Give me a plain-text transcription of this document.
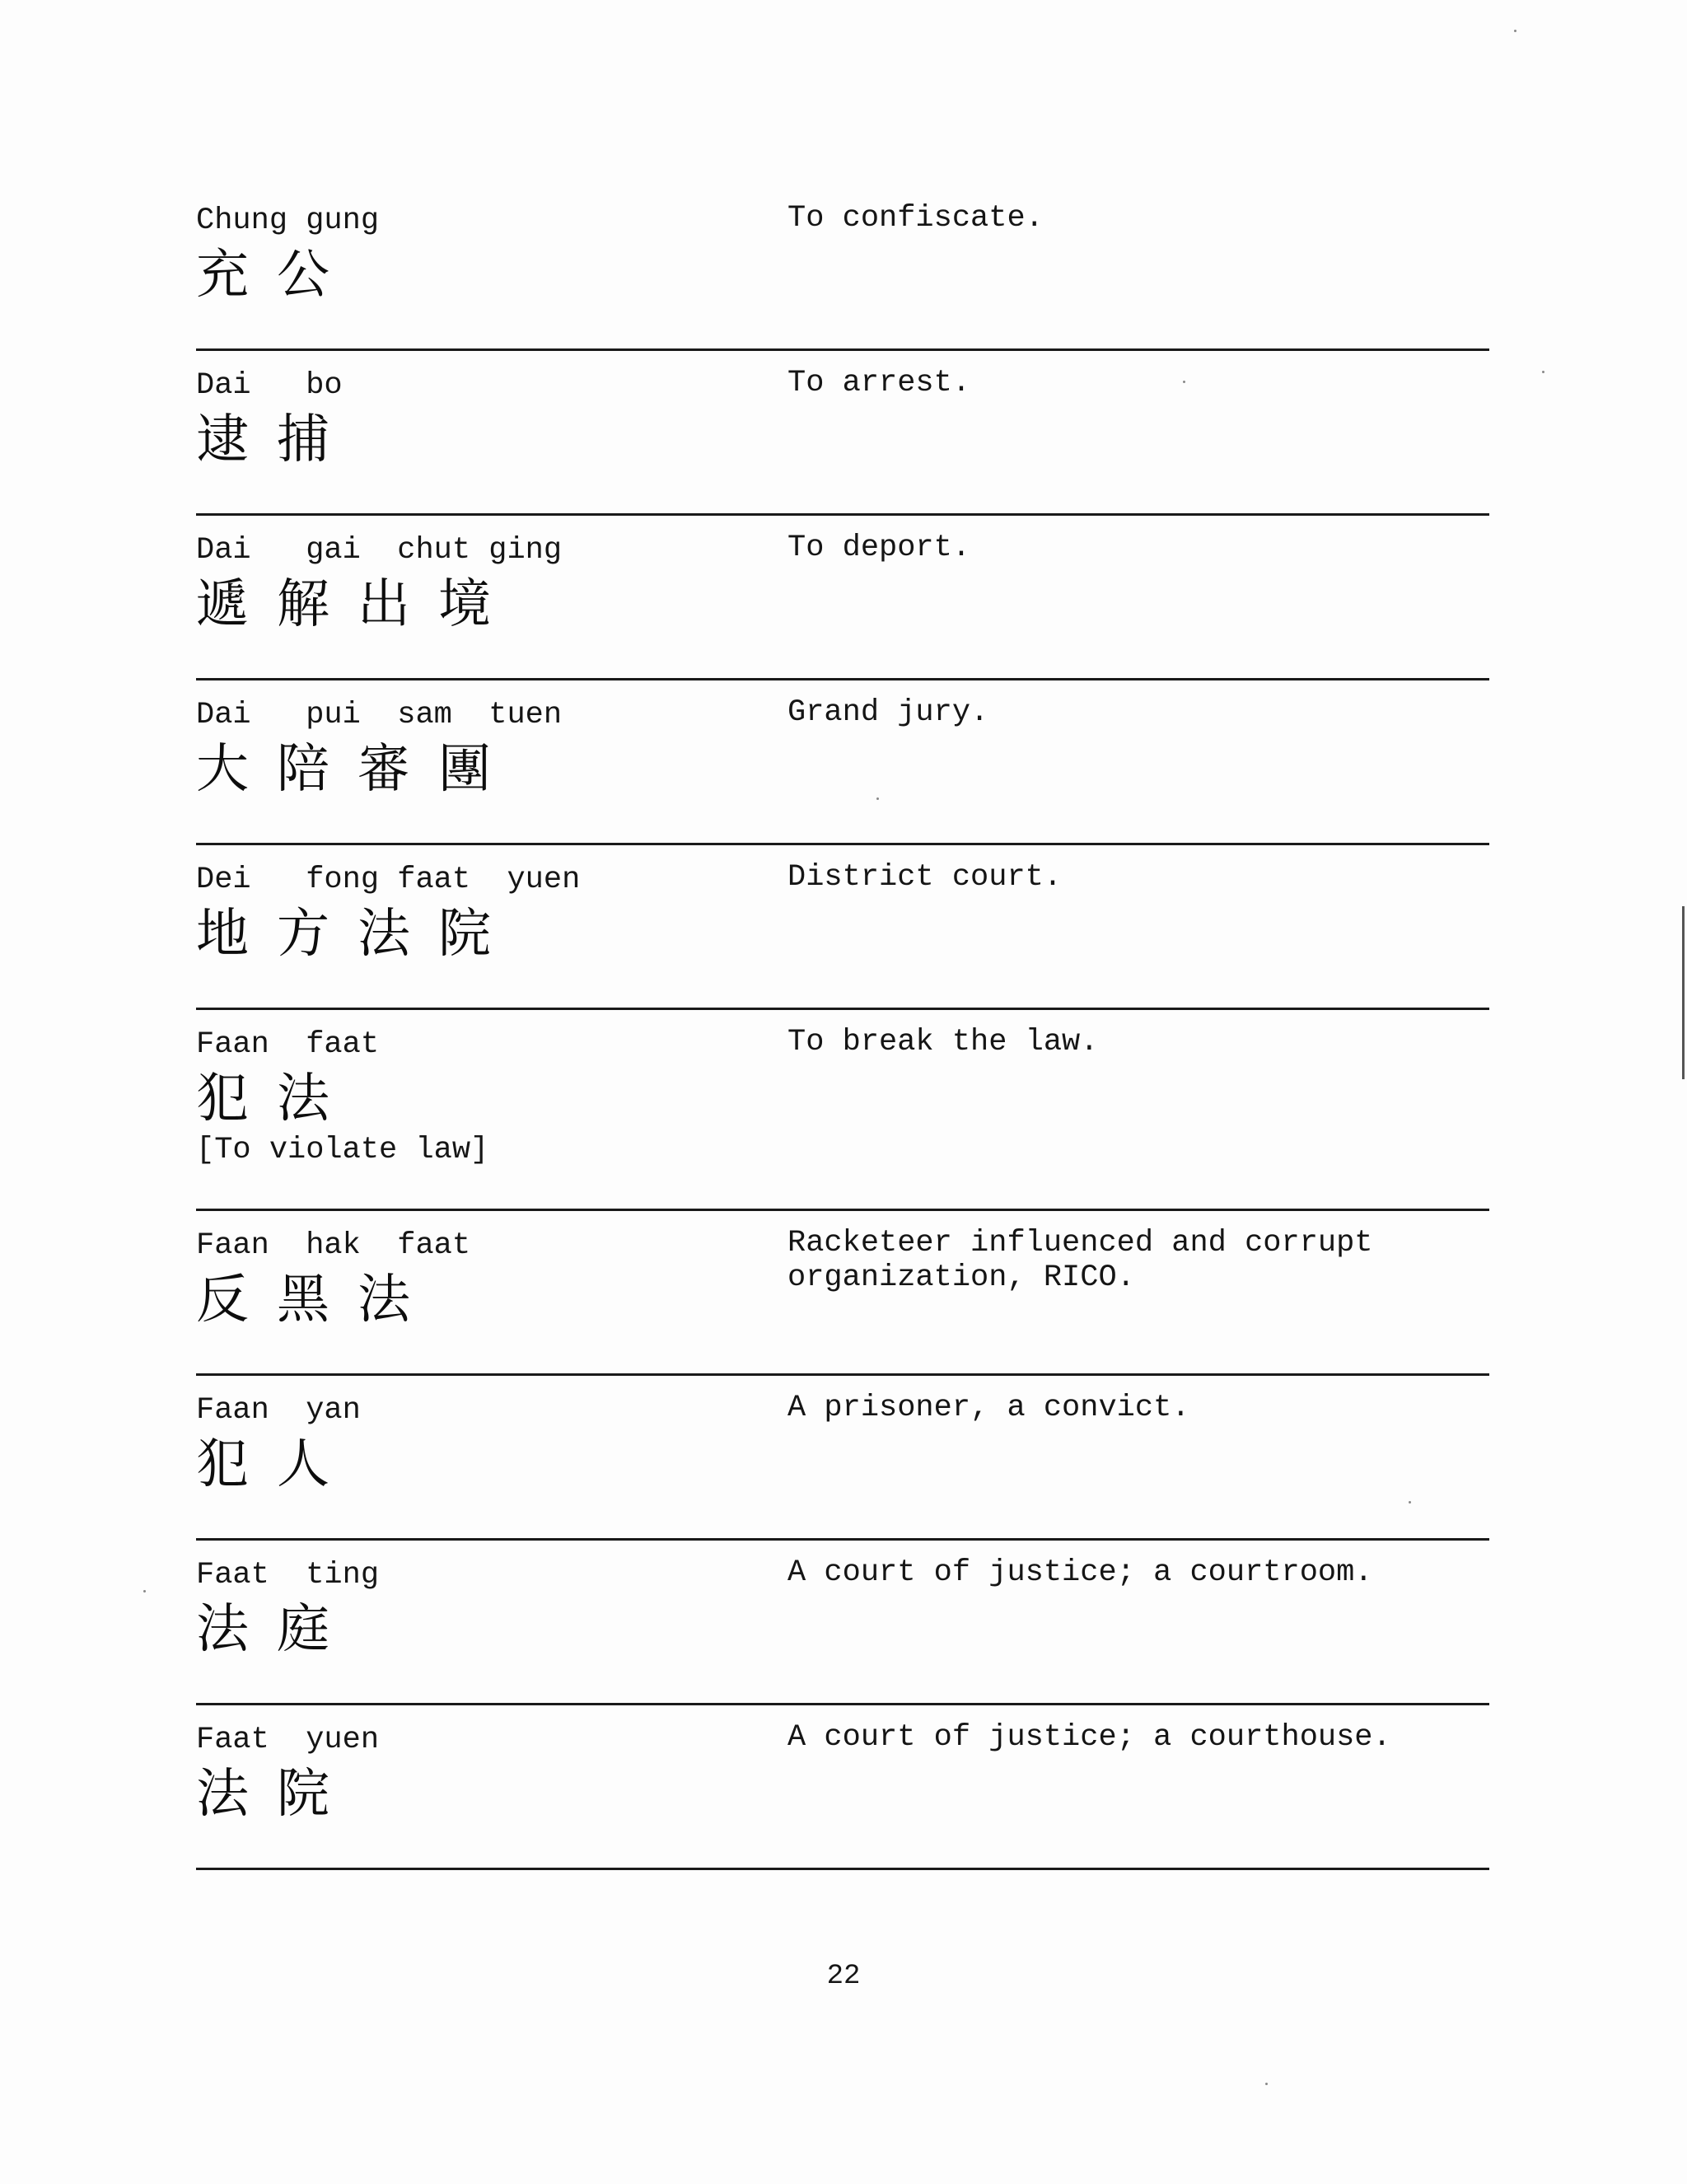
Chung gung
充公
To confiscate.
Dai   bo
逮捕
To arrest.
Dai   gai  chut ging
遞解出境
To deport.
Dai   pui  sam  tuen
大陪審團
Grand jury.
Dei   fong faat  yuen
地方法院
District court.
Faan  faat
犯法
[To violate law]
To break the law.
Faan  hak  faat
反黑法
Racketeer influenced and corrupt
organization, RICO.
Faan  yan
犯人
A prisoner, a convict.
Faat  ting
法庭
A court of justice; a courtroom.
Faat  yuen
法院
A court of justice; a courthouse.
22
